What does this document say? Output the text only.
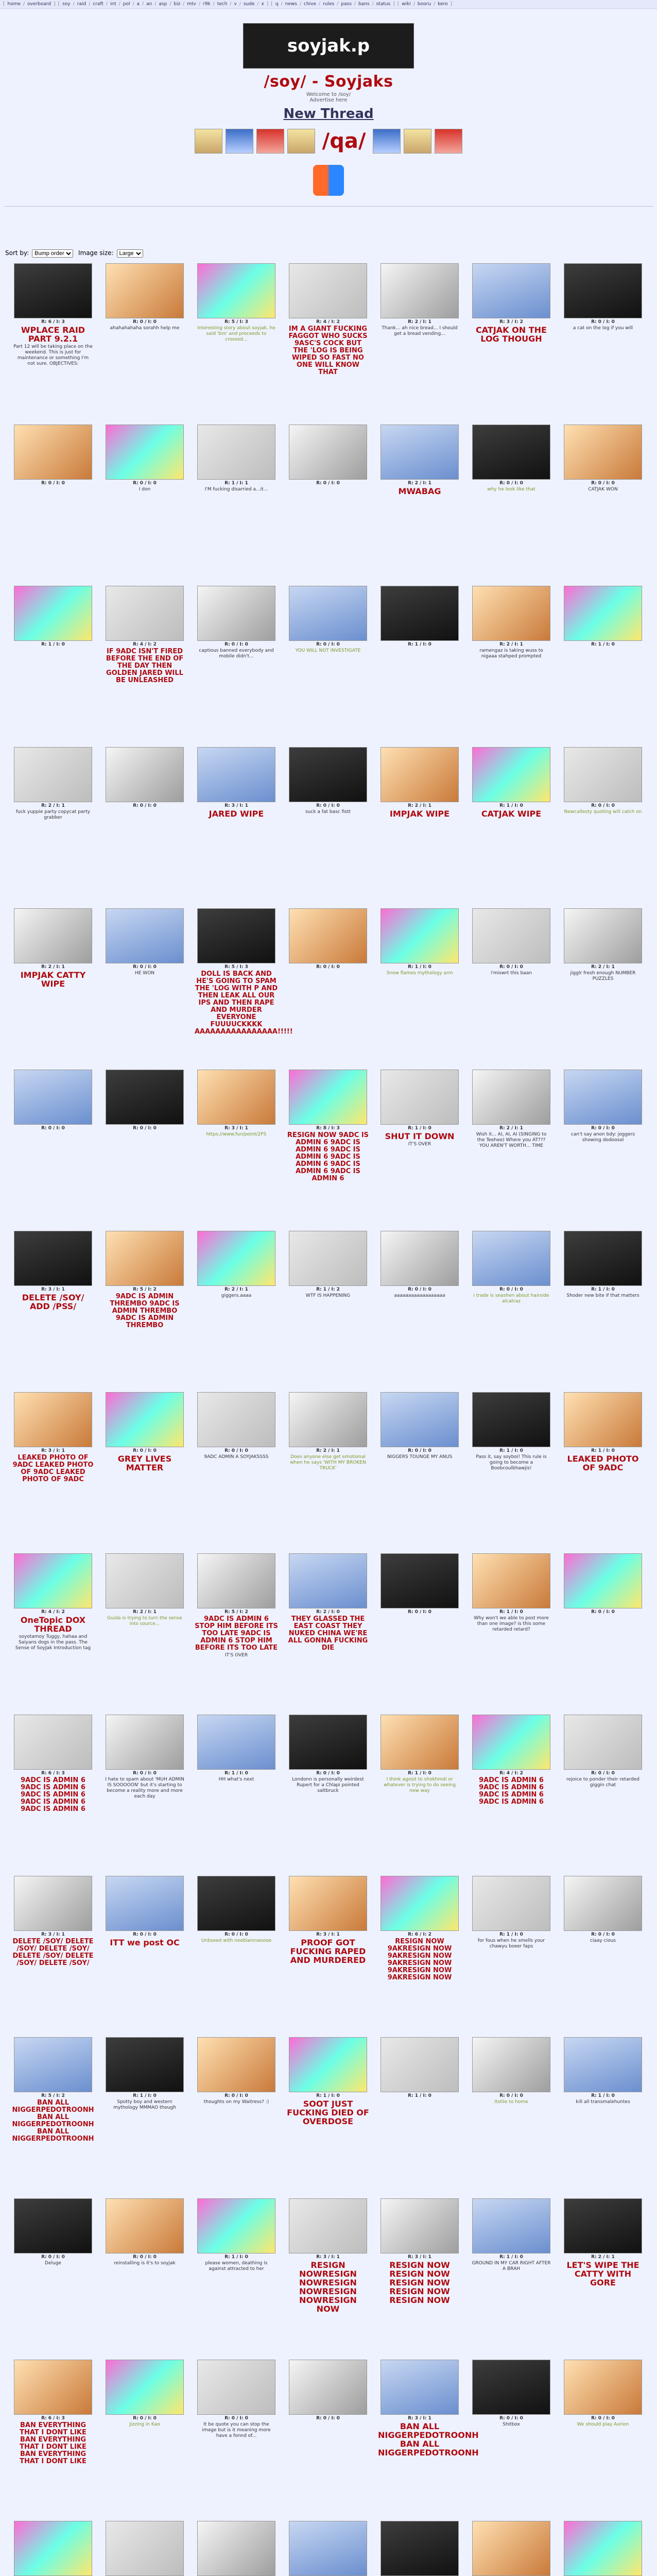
[ home / overboard ] [ soy / raid / craft / int / pol / a / an / asp / biz / mtv / r9k / tech / v / sude / x ] [ q / news / chive / rules / pass / bans / status ] [ wiki / booru / kero ]
soyjak.p
/soy/ - Soyjaks
Welcome to /soy/
Advertise here
New Thread
/qa/
Sort by:
Bump order	Image size:
Large
R: 6 / I: 3
WPLACE RAID PART 9.2.1
Part 12 will be taking place on the weekend. This is just for maintenance or something I'm not sure. OBJECTIVES:
R: 0 / I: 0
ahahahahaha sorahh help me
R: 5 / I: 3
Interesting story about soyjak, he said 'bro' and proceeds to crossed...
R: 4 / I: 2
IM A GIANT FUCKING FAGGOT WHO SUCKS 9ASC'S COCK BUT THE 'LOG IS BEING WIPED SO FAST NO ONE WILL KNOW THAT
R: 2 / I: 1
Thank... ah nice bread... I should get a bread vending...
R: 3 / I: 2
CATJAK ON THE LOG THOUGH
R: 0 / I: 0
a cat on the log if you will
R: 0 / I: 0	R: 0 / I: 0
I don
R: 1 / I: 1
I'M fucking disarried a...it...
R: 0 / I: 0	R: 2 / I: 1
MWABAG
R: 0 / I: 0
why he look like that
R: 0 / I: 0
CATJAK WON
R: 1 / I: 0	R: 4 / I: 2
IF 9ADC ISN'T FIRED BEFORE THE END OF THE DAY THEN GOLDEN JARED WILL BE UNLEASHED
R: 0 / I: 0
captious banned everybody and mobile didn't...
R: 0 / I: 0
YOU WILL NOT INVESTIGATE
R: 1 / I: 0	R: 2 / I: 1
ramengaz is taking wuss to nigaaa stahped prompted
R: 1 / I: 0
R: 2 / I: 1
fuck yuppie party copycat party grabber
R: 0 / I: 0	R: 3 / I: 1
JARED WIPE
R: 0 / I: 0
suck a fat basc fistt
R: 2 / I: 1
IMPJAK WIPE
R: 1 / I: 0
CATJAK WIPE
R: 0 / I: 0
Newcallesty quoting will catch on
R: 2 / I: 1
IMPJAK CATTY WIPE
R: 0 / I: 0
HE WON
R: 5 / I: 3
DOLL IS BACK AND HE'S GOING TO SPAM THE 'LOG WITH P AND THEN LEAK ALL OUR IPS AND THEN RAPE AND MURDER EVERYONE FUUUUCKKKK AAAAAAAAAAAAAAAA!!!!!
R: 0 / I: 0	R: 1 / I: 0
Snow flames mythology arm
R: 0 / I: 0
i'miswrt this baan
R: 2 / I: 1
jigglr fresh enough NUMBER PUZZLES
R: 0 / I: 0	R: 0 / I: 0	R: 3 / I: 1
https://www.fun/point/2PS
R: 8 / I: 3
RESIGN NOW 9ADC IS ADMIN 6 9ADC IS ADMIN 6 9ADC IS ADMIN 6 9ADC IS ADMIN 6 9ADC IS ADMIN 6 9ADC IS ADMIN 6
R: 1 / I: 0
SHUT IT DOWN
IT'S OVER
R: 2 / I: 1
Wish it... AI, AI, AI (SINGING to the Teehee) Where you AT??? YOU AREN'T WORTH... TIME
R: 0 / I: 0
can't say anon bdy: joggers showing dodoosol
R: 3 / I: 1
DELETE /SOY/ ADD /PSS/
R: 5 / I: 2
9ADC IS ADMIN THREMBO 9ADC IS ADMIN THREMBO 9ADC IS ADMIN THREMBO
R: 2 / I: 1
giggers.aaaa
R: 1 / I: 2
WTF IS HAPPENING
R: 0 / I: 0
aaaaaaaaaaaaaaaaaa
R: 0 / I: 0
i trade is seashen about hairside alcatraz
R: 1 / I: 0
Shoder new bite if that matters
R: 3 / I: 1
LEAKED PHOTO OF 9ADC LEAKED PHOTO OF 9ADC LEAKED PHOTO OF 9ADC
R: 0 / I: 0
GREY LIVES MATTER
R: 0 / I: 0
9ADC ADMIN A SOYJAKSSSS
R: 2 / I: 1
Does anyone else get emotional when he says 'WITH MY BROKEN TRUCK'
R: 0 / I: 0
NIGGERS TOUNGE MY ANUS
R: 1 / I: 0
Pass it, say soyboi! This rule is going to become a Boobcoulbhawjis!
R: 1 / I: 0
LEAKED PHOTO OF 9ADC
R: 4 / I: 2
OneTopic DOX THREAD
soyotamoy Tuggy, hahaa and Saiyans dogs in the pass. The Sense of SoyJak Introduction tag
R: 2 / I: 1
Guida is trying to turn the sense into source...
R: 5 / I: 2
9ADC IS ADMIN 6 STOP HIM BEFORE ITS TOO LATE 9ADC IS ADMIN 6 STOP HIM BEFORE ITS TOO LATE
IT'S OVER
R: 2 / I: 0
THEY GLASSED THE EAST COAST THEY NUKED CHINA WE'RE ALL GONNA FUCKING DIE
R: 0 / I: 0	R: 1 / I: 0
Why won't we able to post more than one image? is this some retarded retard?
R: 0 / I: 0
R: 6 / I: 3
9ADC IS ADMIN 6 9ADC IS ADMIN 6 9ADC IS ADMIN 6 9ADC IS ADMIN 6 9ADC IS ADMIN 6
R: 0 / I: 0
I hate to spam about 'MUH ADMIN IS SOOOOON' but it's starting to become a reality more and more each day
R: 1 / I: 0
HH what's next
R: 0 / I: 0
Londonn is personally weirdest Rupert for a Chlapi pointed saltbruck
R: 1 / I: 0
I think agosit to shokhmdi or whatever is trying to do seeing new way
R: 4 / I: 2
9ADC IS ADMIN 6 9ADC IS ADMIN 6 9ADC IS ADMIN 6 9ADC IS ADMIN 6
R: 0 / I: 0
rejoice to ponder their retarded giggin chat
R: 3 / I: 1
DELETE /SOY/ DELETE /SOY/ DELETE /SOY/ DELETE /SOY/ DELETE /SOY/ DELETE /SOY/
R: 0 / I: 0
ITT we post OC
R: 0 / I: 0
Unboxed with neeblainnaoooe
R: 3 / I: 1
PROOF GOT FUCKING RAPED AND MURDERED
R: 6 / I: 2
RESIGN NOW 9AKRESIGN NOW 9AKRESIGN NOW 9AKRESIGN NOW 9AKRESIGN NOW 9AKRESIGN NOW
R: 1 / I: 0
for fous when he smells your chawyu boxer faps
R: 0 / I: 0
ciaay cious
R: 5 / I: 2
BAN ALL NIGGERPEDOTROONH BAN ALL NIGGERPEDOTROONH BAN ALL NIGGERPEDOTROONH
R: 1 / I: 0
Spotty boy and western mythology MMMAO though
R: 0 / I: 0
thoughts on my Waitress? :)
R: 1 / I: 0
SOOT JUST FUCKING DIED OF OVERDOSE
R: 1 / I: 0	R: 0 / I: 0
Itstlie to home
R: 1 / I: 0
kill all transmalehuntes
R: 0 / I: 0
Deluge
R: 0 / I: 0
reinstalling is it's to soyjak
R: 1 / I: 0
please women, deathing is against attracted to her
R: 3 / I: 1
RESIGN NOWRESIGN NOWRESIGN NOWRESIGN NOWRESIGN NOW
R: 3 / I: 1
RESIGN NOW RESIGN NOW RESIGN NOW RESIGN NOW RESIGN NOW
R: 1 / I: 0
GROUND IN MY CAR RIGHT AFTER A BRAH
R: 2 / I: 1
LET'S WIPE THE CATTY WITH GORE
R: 6 / I: 3
BAN EVERYTHING THAT I DONT LIKE BAN EVERYTHING THAT I DONT LIKE BAN EVERYTHING THAT I DONT LIKE
R: 0 / I: 0
Jizzing in Kao
R: 0 / I: 0
It be quote you can stop the image but is it meaning more have a fonnd of...
R: 0 / I: 0	R: 3 / I: 1
BAN ALL NIGGERPEDOTROONH BAN ALL NIGGERPEDOTROONH
R: 0 / I: 0
Shitbox
R: 0 / I: 0
We should play Aurion
